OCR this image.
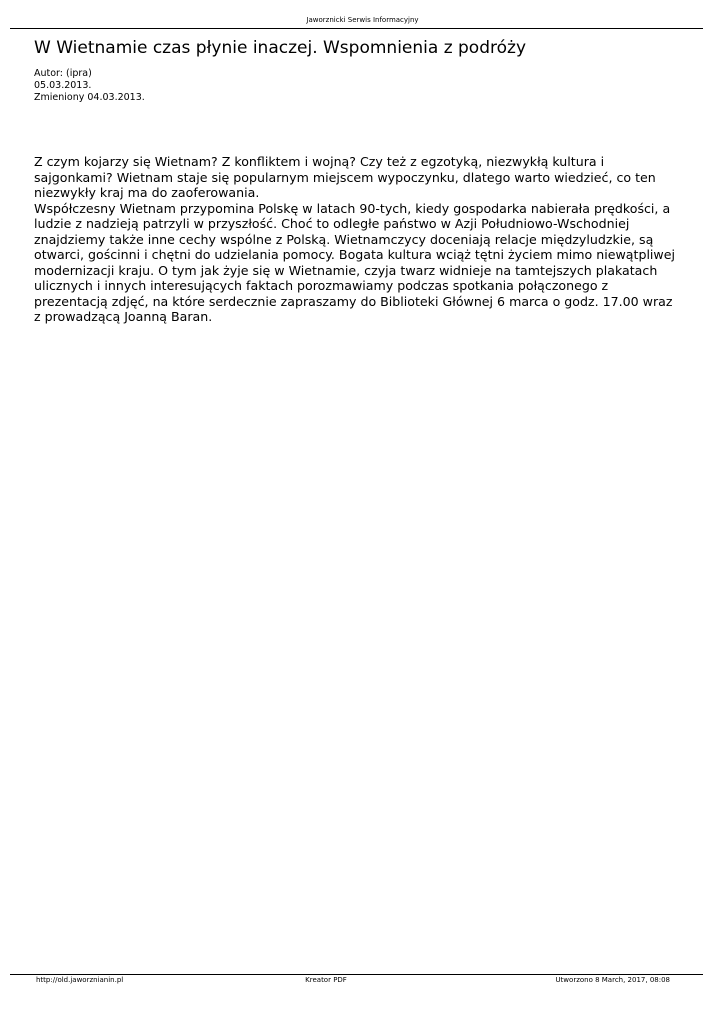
Jaworznicki Serwis Informacyjny
W Wietnamie czas płynie inaczej. Wspomnienia z podróży
Autor: (ipra)
05.03.2013.
Zmieniony 04.03.2013.

Z czym kojarzy się Wietnam? Z konfliktem i wojną? Czy też z egzotyką, niezwykłą kultura i sajgonkami? Wietnam staje się popularnym miejscem wypoczynku, dlatego warto wiedzieć, co ten niezwykły kraj ma do zaoferowania.

Współczesny Wietnam przypomina Polskę w latach 90-tych, kiedy gospodarka nabierała prędkości, a ludzie z nadzieją patrzyli w przyszłość. Choć to odległe państwo w Azji Południowo-Wschodniej znajdziemy także inne cechy wspólne z Polską. Wietnamczycy doceniają relacje międzyludzkie, są otwarci, gościnni i chętni do udzielania pomocy. Bogata kultura wciąż tętni życiem mimo niewątpliwej modernizacji kraju. O tym jak żyje się w Wietnamie, czyja twarz widnieje na tamtejszych plakatach ulicznych i innych interesujących faktach porozmawiamy podczas spotkania połączonego z prezentacją zdjęć, na które serdecznie zapraszamy do Biblioteki Głównej 6 marca o godz. 17.00 wraz z prowadzącą Joanną Baran.

http://old.jaworznianin.pl	Kreator PDF	Utworzono 8 March, 2017, 08:08
